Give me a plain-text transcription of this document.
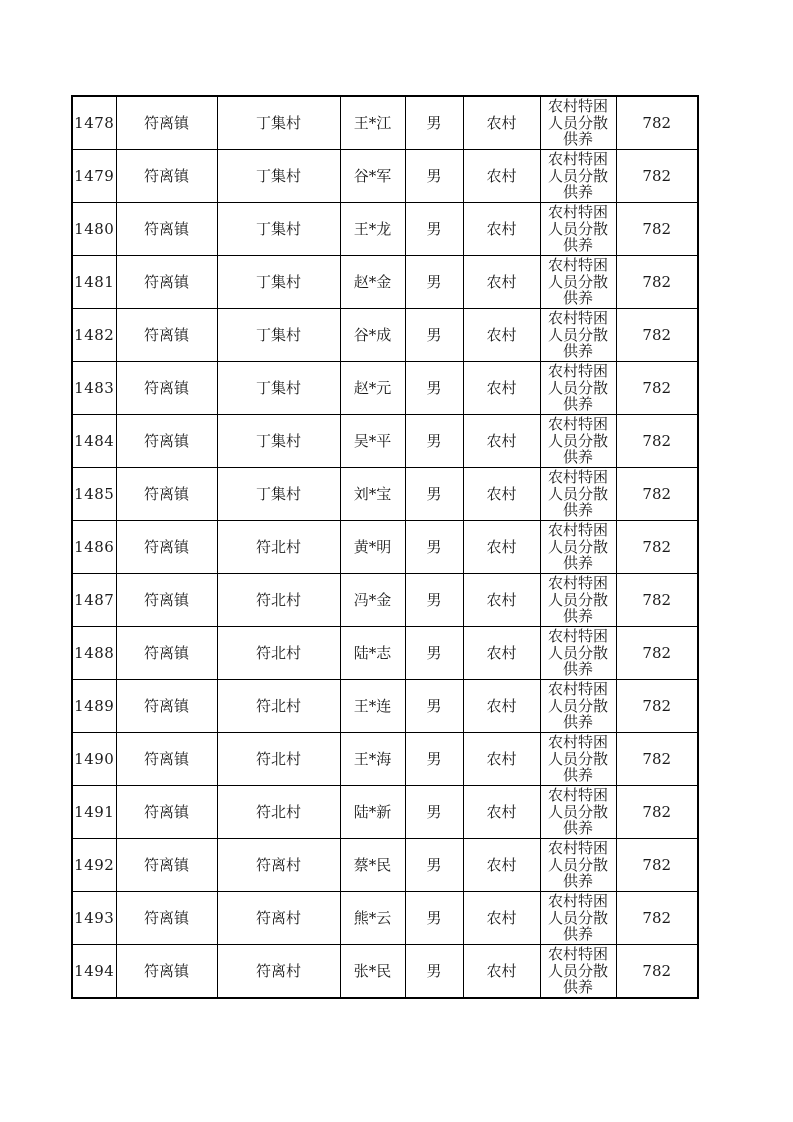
1478	符离镇	丁集村	王*江	男	农村	农村特困人员分散供养	782
1479	符离镇	丁集村	谷*军	男	农村	农村特困人员分散供养	782
1480	符离镇	丁集村	王*龙	男	农村	农村特困人员分散供养	782
1481	符离镇	丁集村	赵*金	男	农村	农村特困人员分散供养	782
1482	符离镇	丁集村	谷*成	男	农村	农村特困人员分散供养	782
1483	符离镇	丁集村	赵*元	男	农村	农村特困人员分散供养	782
1484	符离镇	丁集村	吴*平	男	农村	农村特困人员分散供养	782
1485	符离镇	丁集村	刘*宝	男	农村	农村特困人员分散供养	782
1486	符离镇	符北村	黄*明	男	农村	农村特困人员分散供养	782
1487	符离镇	符北村	冯*金	男	农村	农村特困人员分散供养	782
1488	符离镇	符北村	陆*志	男	农村	农村特困人员分散供养	782
1489	符离镇	符北村	王*连	男	农村	农村特困人员分散供养	782
1490	符离镇	符北村	王*海	男	农村	农村特困人员分散供养	782
1491	符离镇	符北村	陆*新	男	农村	农村特困人员分散供养	782
1492	符离镇	符离村	蔡*民	男	农村	农村特困人员分散供养	782
1493	符离镇	符离村	熊*云	男	农村	农村特困人员分散供养	782
1494	符离镇	符离村	张*民	男	农村	农村特困人员分散供养	782
